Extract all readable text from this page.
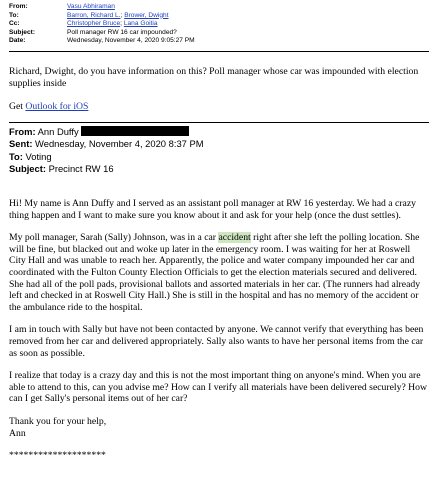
From:	Vasu Abhiraman
To:	Barron, Richard L.; Brower, Dwight
Cc:	Christopher Bruce; Lana Goitia
Subject:	Poll manager RW 16 car impounded?
Date:	Wednesday, November 4, 2020 9:05:27 PM

Richard, Dwight, do you have information on this? Poll manager whose car was impounded with election supplies inside

Get Outlook for iOS

From: Ann Duffy
Sent: Wednesday, November 4, 2020 8:37 PM
To: Voting
Subject: Precinct RW 16

Hi! My name is Ann Duffy and I served as an assistant poll manager at RW 16 yesterday. We had a crazy thing happen and I want to make sure you know about it and ask for your help (once the dust settles).

My poll manager, Sarah (Sally) Johnson, was in a car accident right after she left the polling location. She will be fine, but blacked out and woke up later in the emergency room. I was waiting for her at Roswell City Hall and was unable to reach her. Apparently, the police and water company impounded her car and coordinated with the Fulton County Election Officials to get the election materials secured and delivered. She had all of the poll pads, provisional ballots and assorted materials in her car. (The runners had already left and checked in at Roswell City Hall.) She is still in the hospital and has no memory of the accident or the ambulance ride to the hospital.

I am in touch with Sally but have not been contacted by anyone. We cannot verify that everything has been removed from her car and delivered appropriately. Sally also wants to have her personal items from the car as soon as possible.

I realize that today is a crazy day and this is not the most important thing on anyone's mind. When you are able to attend to this, can you advise me? How can I verify all materials have been delivered securely? How can I get Sally's personal items out of her car?

Thank you for your help,

Ann

********************
